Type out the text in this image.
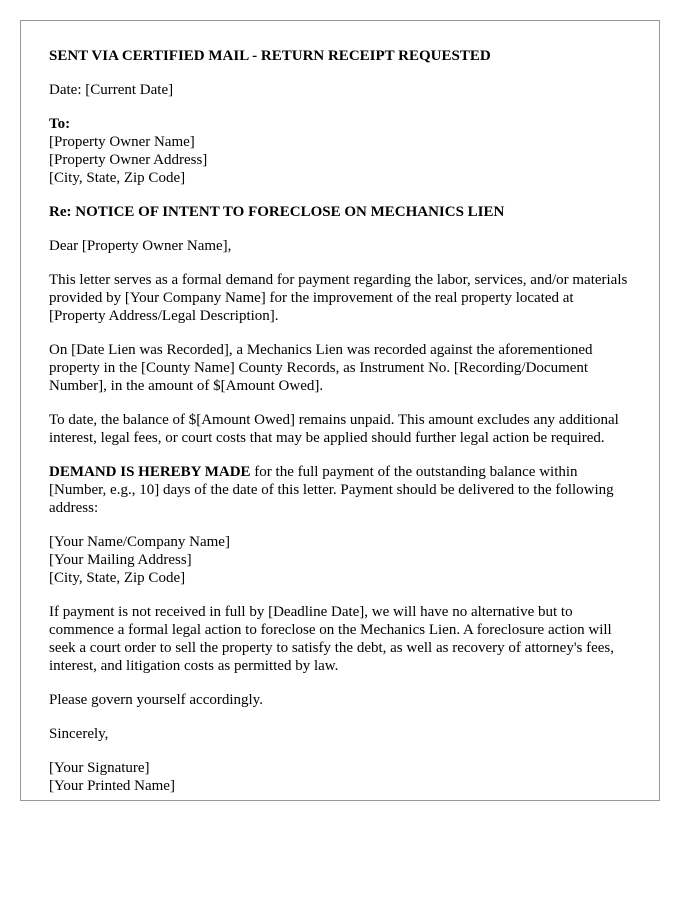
SENT VIA CERTIFIED MAIL - RETURN RECEIPT REQUESTED

Date: [Current Date]

To:
[Property Owner Name]
[Property Owner Address]
[City, State, Zip Code]

Re: NOTICE OF INTENT TO FORECLOSE ON MECHANICS LIEN

Dear [Property Owner Name],

This letter serves as a formal demand for payment regarding the labor, services, and/or materials provided by [Your Company Name] for the improvement of the real property located at [Property Address/Legal Description].

On [Date Lien was Recorded], a Mechanics Lien was recorded against the aforementioned property in the [County Name] County Records, as Instrument No. [Recording/Document Number], in the amount of $[Amount Owed].

To date, the balance of $[Amount Owed] remains unpaid. This amount excludes any additional interest, legal fees, or court costs that may be applied should further legal action be required.

DEMAND IS HEREBY MADE for the full payment of the outstanding balance within [Number, e.g., 10] days of the date of this letter. Payment should be delivered to the following address:

[Your Name/Company Name]
[Your Mailing Address]
[City, State, Zip Code]

If payment is not received in full by [Deadline Date], we will have no alternative but to commence a formal legal action to foreclose on the Mechanics Lien. A foreclosure action will seek a court order to sell the property to satisfy the debt, as well as recovery of attorney's fees, interest, and litigation costs as permitted by law.

Please govern yourself accordingly.

Sincerely,

[Your Signature]
[Your Printed Name]
